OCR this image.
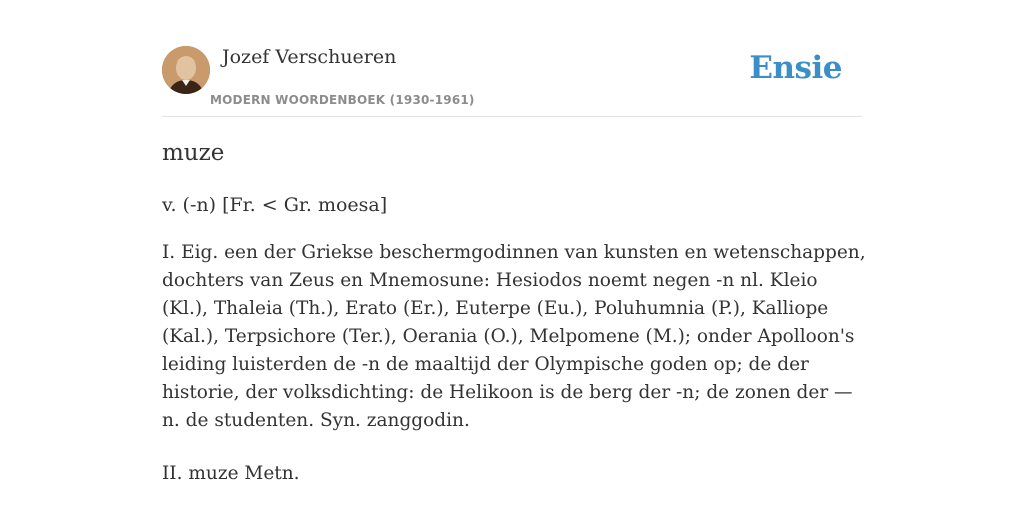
Jozef Verschueren
MODERN WOORDENBOEK (1930-1961)
Ensie
muze
v. (-n) [Fr. < Gr. moesa]
I. Eig. een der Griekse beschermgodinnen van kunsten en wetenschappen, dochters van Zeus en Mnemosune: Hesiodos noemt negen -n nl. Kleio (Kl.), Thaleia (Th.), Erato (Er.), Euterpe (Eu.), Poluhumnia (P.), Kalliope (Kal.), Terpsichore (Ter.), Oerania (O.), Melpomene (M.); onder Apolloon's leiding luisterden de -n de maaltijd der Olympische goden op; de der historie, der volksdichting: de Helikoon is de berg der -n; de zonen der —n. de studenten. Syn. zanggodin.
II. muze Metn.
